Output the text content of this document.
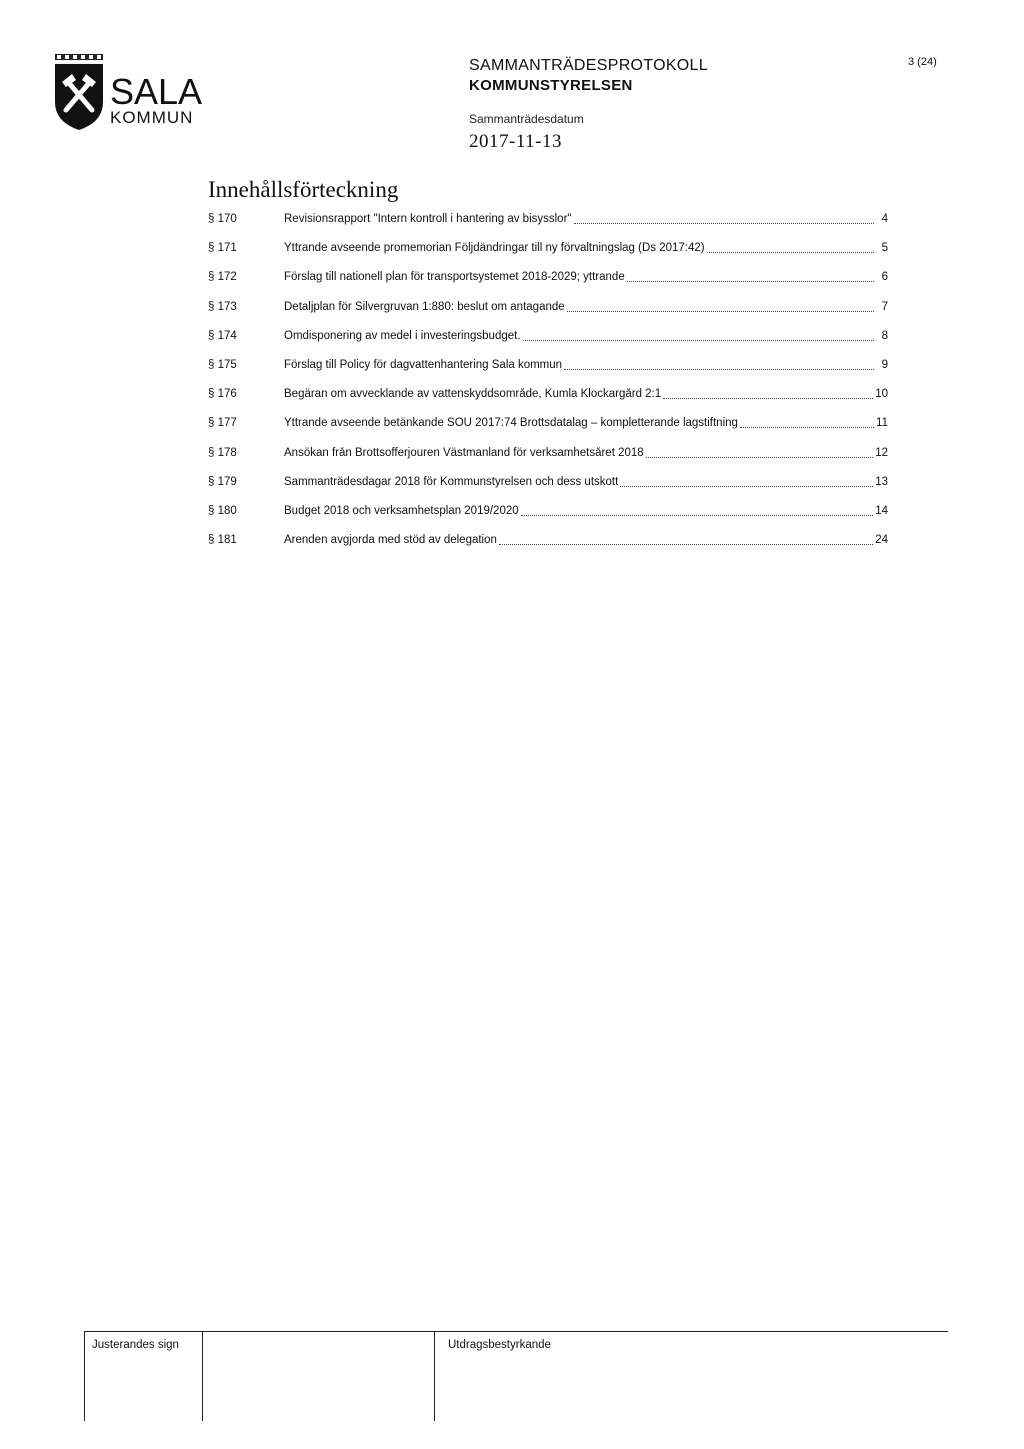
SALA
KOMMUN
SAMMANTRÄDESPROTOKOLL
KOMMUNSTYRELSEN
Sammanträdesdatum
2017-11-13
3 (24)
Innehållsförteckning
§ 170	Revisionsrapport "Intern kontroll i hantering av bisysslor"	4
§ 171	Yttrande avseende promemorian Följdändringar till ny förvaltningslag (Ds 2017:42)	5
§ 172	Förslag till nationell plan för transportsystemet 2018-2029; yttrande	6
§ 173	Detaljplan för Silvergruvan 1:880: beslut om antagande	7
§ 174	Omdisponering av medel i investeringsbudget.	8
§ 175	Förslag till Policy för dagvattenhantering Sala kommun	9
§ 176	Begäran om avvecklande av vattenskyddsområde, Kumla Klockargård 2:1	10
§ 177	Yttrande avseende betänkande SOU 2017:74 Brottsdatalag – kompletterande lagstiftning	11
§ 178	Ansökan från Brottsofferjouren Västmanland för verksamhetsåret 2018	12
§ 179	Sammanträdesdagar 2018 för Kommunstyrelsen och dess utskott	13
§ 180	Budget 2018 och verksamhetsplan 2019/2020	14
§ 181	Ärenden avgjorda med stöd av delegation	24
Justerandes sign	Utdragsbestyrkande
